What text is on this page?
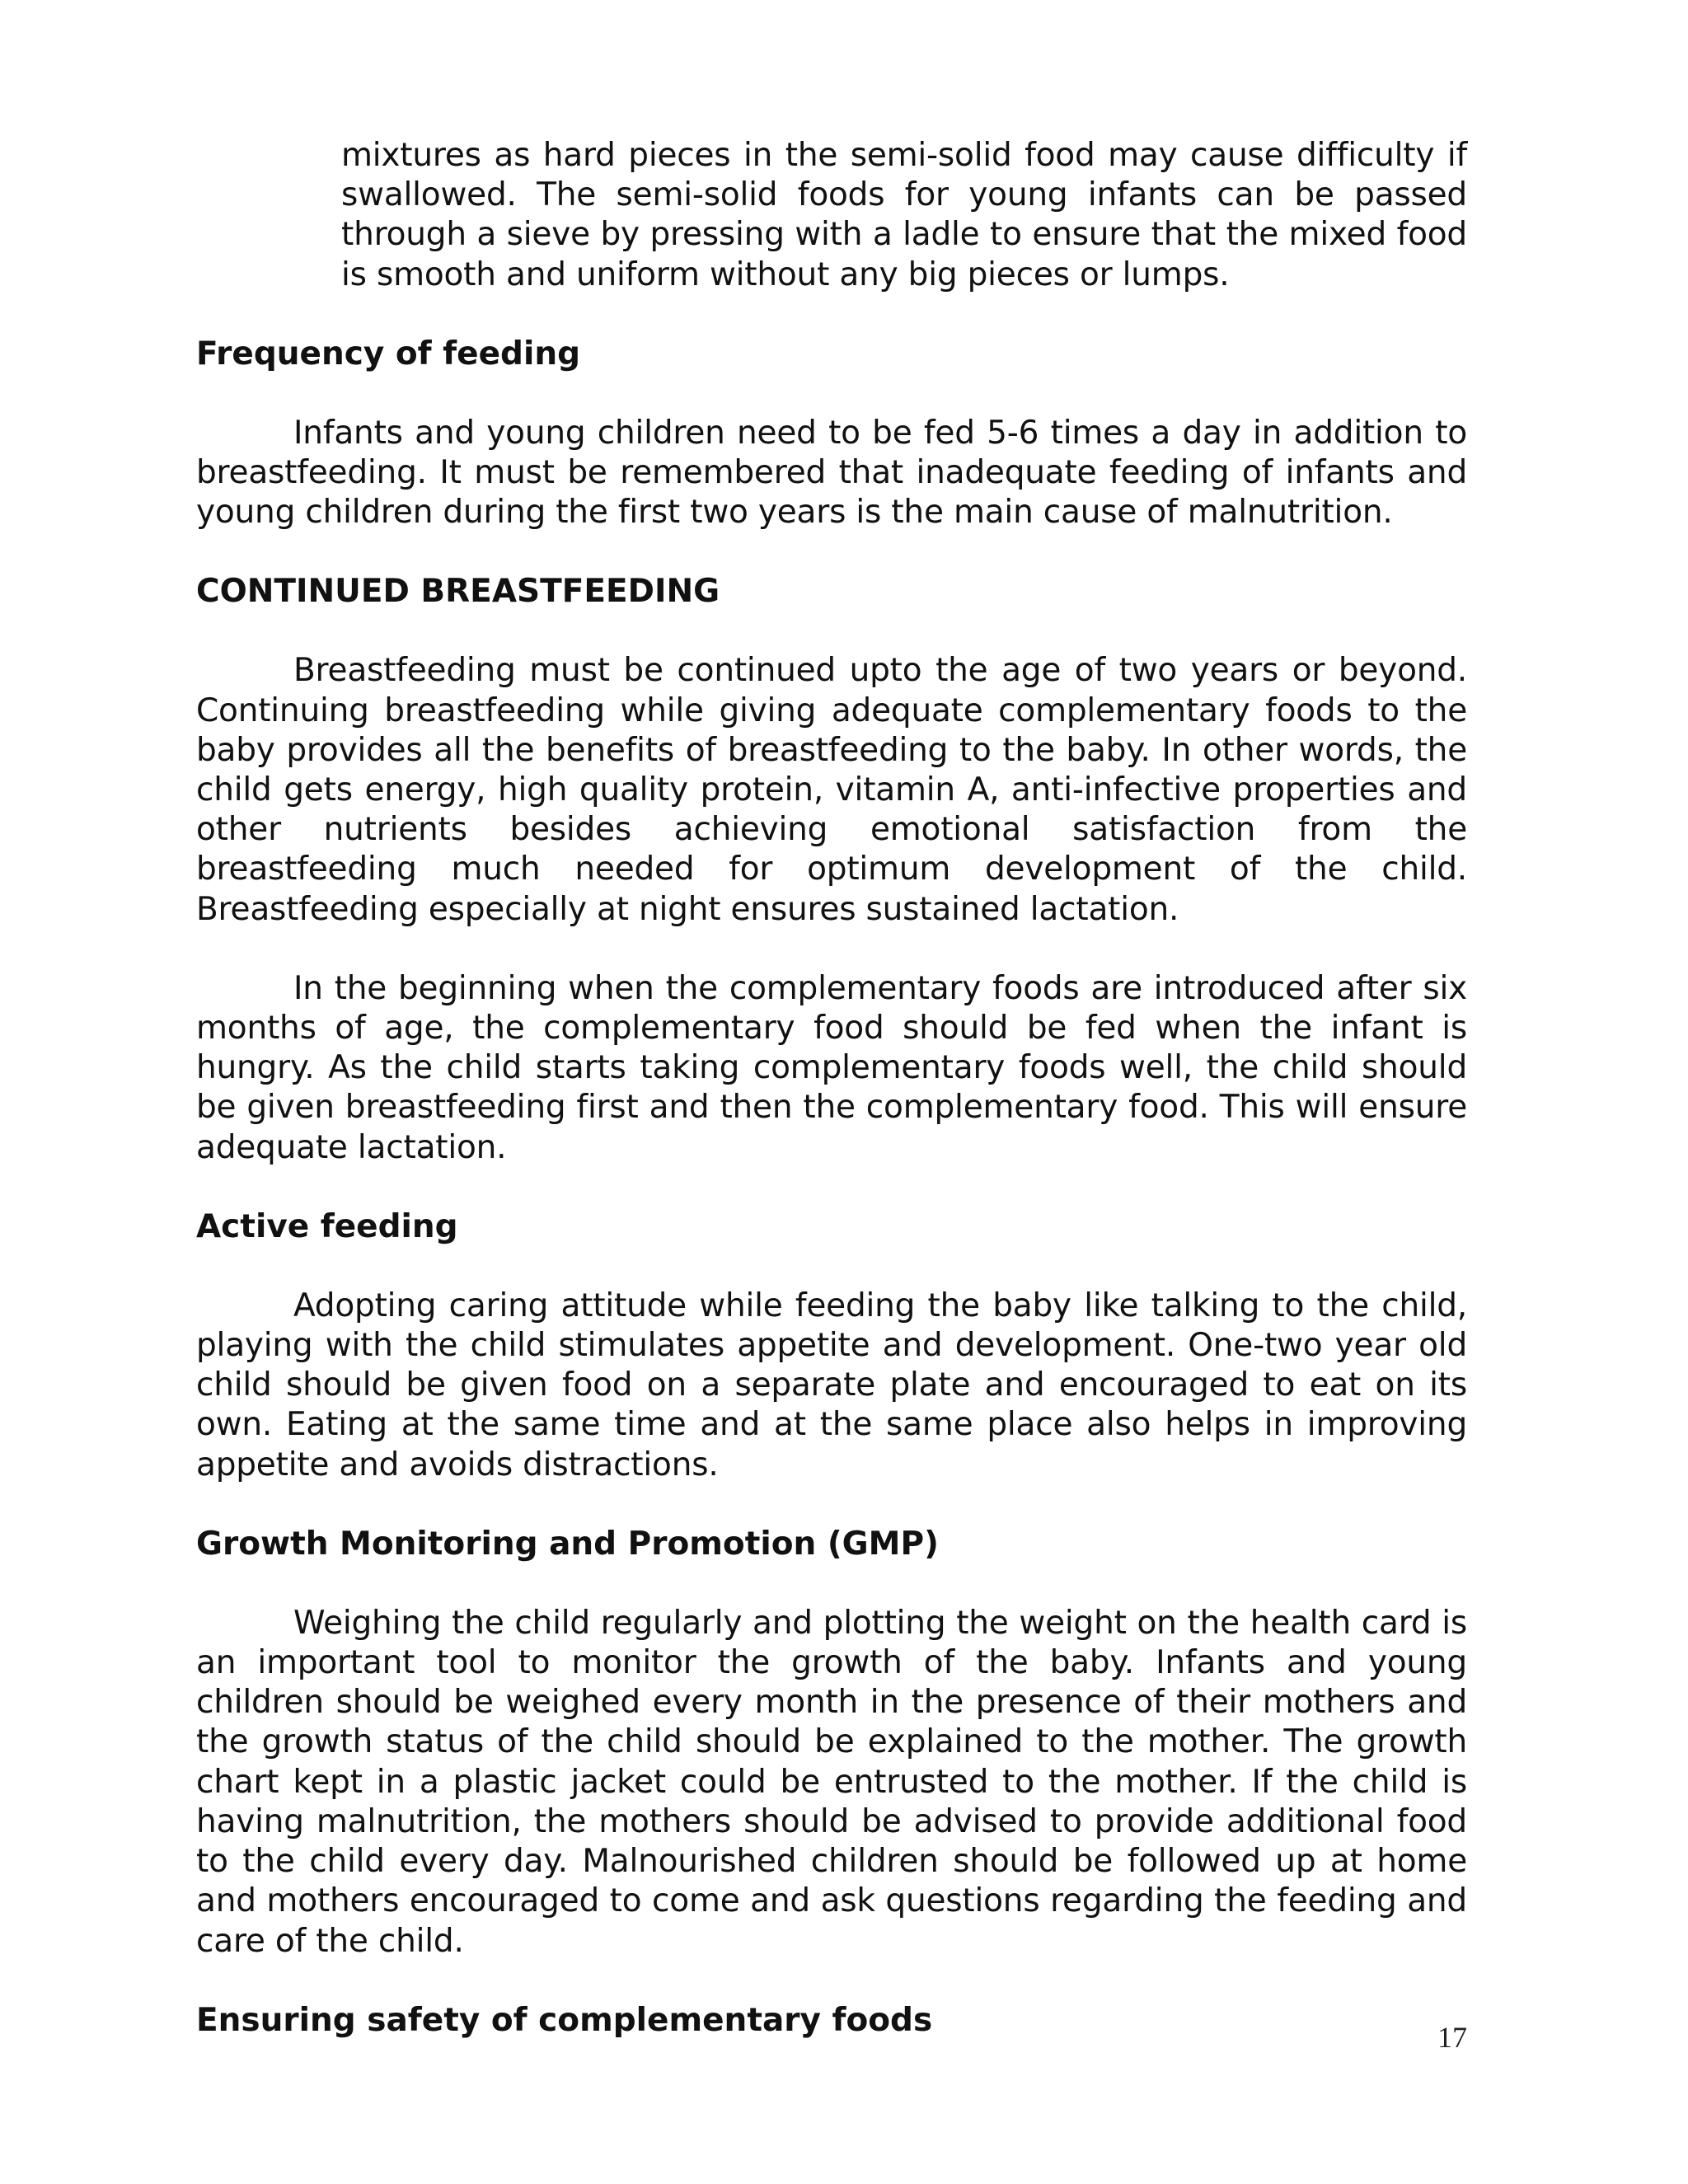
mixtures as hard pieces in the semi-solid food may cause difficulty if swallowed. The semi-solid foods for young infants can be passed through a sieve by pressing with a ladle to ensure that the mixed food is smooth and uniform without any big pieces or lumps.

Frequency of feeding

Infants and young children need to be fed 5-6 times a day in addition to breastfeeding. It must be remembered that inadequate feeding of infants and young children during the first two years is the main cause of malnutrition.

CONTINUED BREASTFEEDING

Breastfeeding must be continued upto the age of two years or beyond. Continuing breastfeeding while giving adequate complementary foods to the baby provides all the benefits of breastfeeding to the baby. In other words, the child gets energy, high quality protein, vitamin A, anti-infective properties and other nutrients besides achieving emotional satisfaction from the breastfeeding much needed for optimum development of the child. Breastfeeding especially at night ensures sustained lactation.

In the beginning when the complementary foods are introduced after six months of age, the complementary food should be fed when the infant is hungry. As the child starts taking complementary foods well, the child should be given breastfeeding first and then the complementary food. This will ensure adequate lactation.

Active feeding

Adopting caring attitude while feeding the baby like talking to the child, playing with the child stimulates appetite and development. One-two year old child should be given food on a separate plate and encouraged to eat on its own. Eating at the same time and at the same place also helps in improving appetite and avoids distractions.

Growth Monitoring and Promotion (GMP)

Weighing the child regularly and plotting the weight on the health card is an important tool to monitor the growth of the baby. Infants and young children should be weighed every month in the presence of their mothers and the growth status of the child should be explained to the mother. The growth chart kept in a plastic jacket could be entrusted to the mother. If the child is having malnutrition, the mothers should be advised to provide additional food to the child every day. Malnourished children should be followed up at home and mothers encouraged to come and ask questions regarding the feeding and care of the child.

Ensuring safety of complementary foods	17
